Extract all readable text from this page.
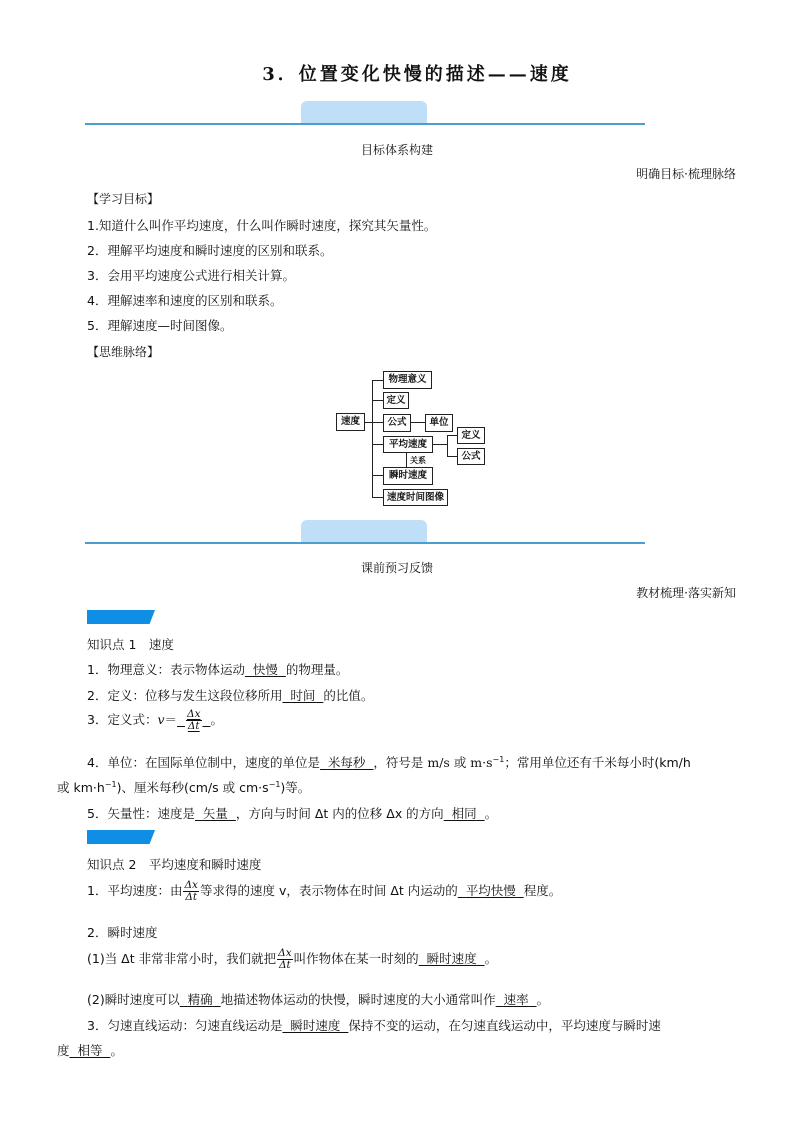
3．位置变化快慢的描述——速度
目标体系构建
明确目标·梳理脉络
【学习目标】
1.知道什么叫作平均速度，什么叫作瞬时速度，探究其矢量性。
2．理解平均速度和瞬时速度的区别和联系。
3．会用平均速度公式进行相关计算。
4．理解速率和速度的区别和联系。
5．理解速度—时间图像。
【思维脉络】
速度
物理意义
定义
公式	单位
平均速度
定义
公式
关系
瞬时速度
速度时间图像
课前预习反馈
教材梳理·落实新知
知识点 1　速度
1．物理意义：表示物体运动 快慢 的物理量。
2．定义：位移与发生这段位移所用 时间 的比值。
3．定义式：$v= \frac{\Delta x}{\Delta t}$ 。
4．单位：在国际单位制中，速度的单位是 米每秒 ，符号是 m/s 或 $m\cdot s^{-1}$；常用单位还有千米每小时(km/h
或 $km\cdot h^{-1}$)、厘米每秒(cm/s 或 $cm\cdot s^{-1}$)等。
5．矢量性：速度是 矢量 ，方向与时间 Δt 内的位移 Δx 的方向 相同 。
知识点 2　平均速度和瞬时速度
1．平均速度：由 $\frac{\Delta x}{\Delta t}$ 等求得的速度 v，表示物体在时间 Δt 内运动的 平均快慢 程度。
2．瞬时速度
(1)当 Δt 非常非常小时，我们就把 $\frac{\Delta x}{\Delta t}$ 叫作物体在某一时刻的 瞬时速度 。
(2)瞬时速度可以 精确 地描述物体运动的快慢，瞬时速度的大小通常叫作 速率 。
3．匀速直线运动：匀速直线运动是 瞬时速度 保持不变的运动，在匀速直线运动中，平均速度与瞬时速
度 相等 。
